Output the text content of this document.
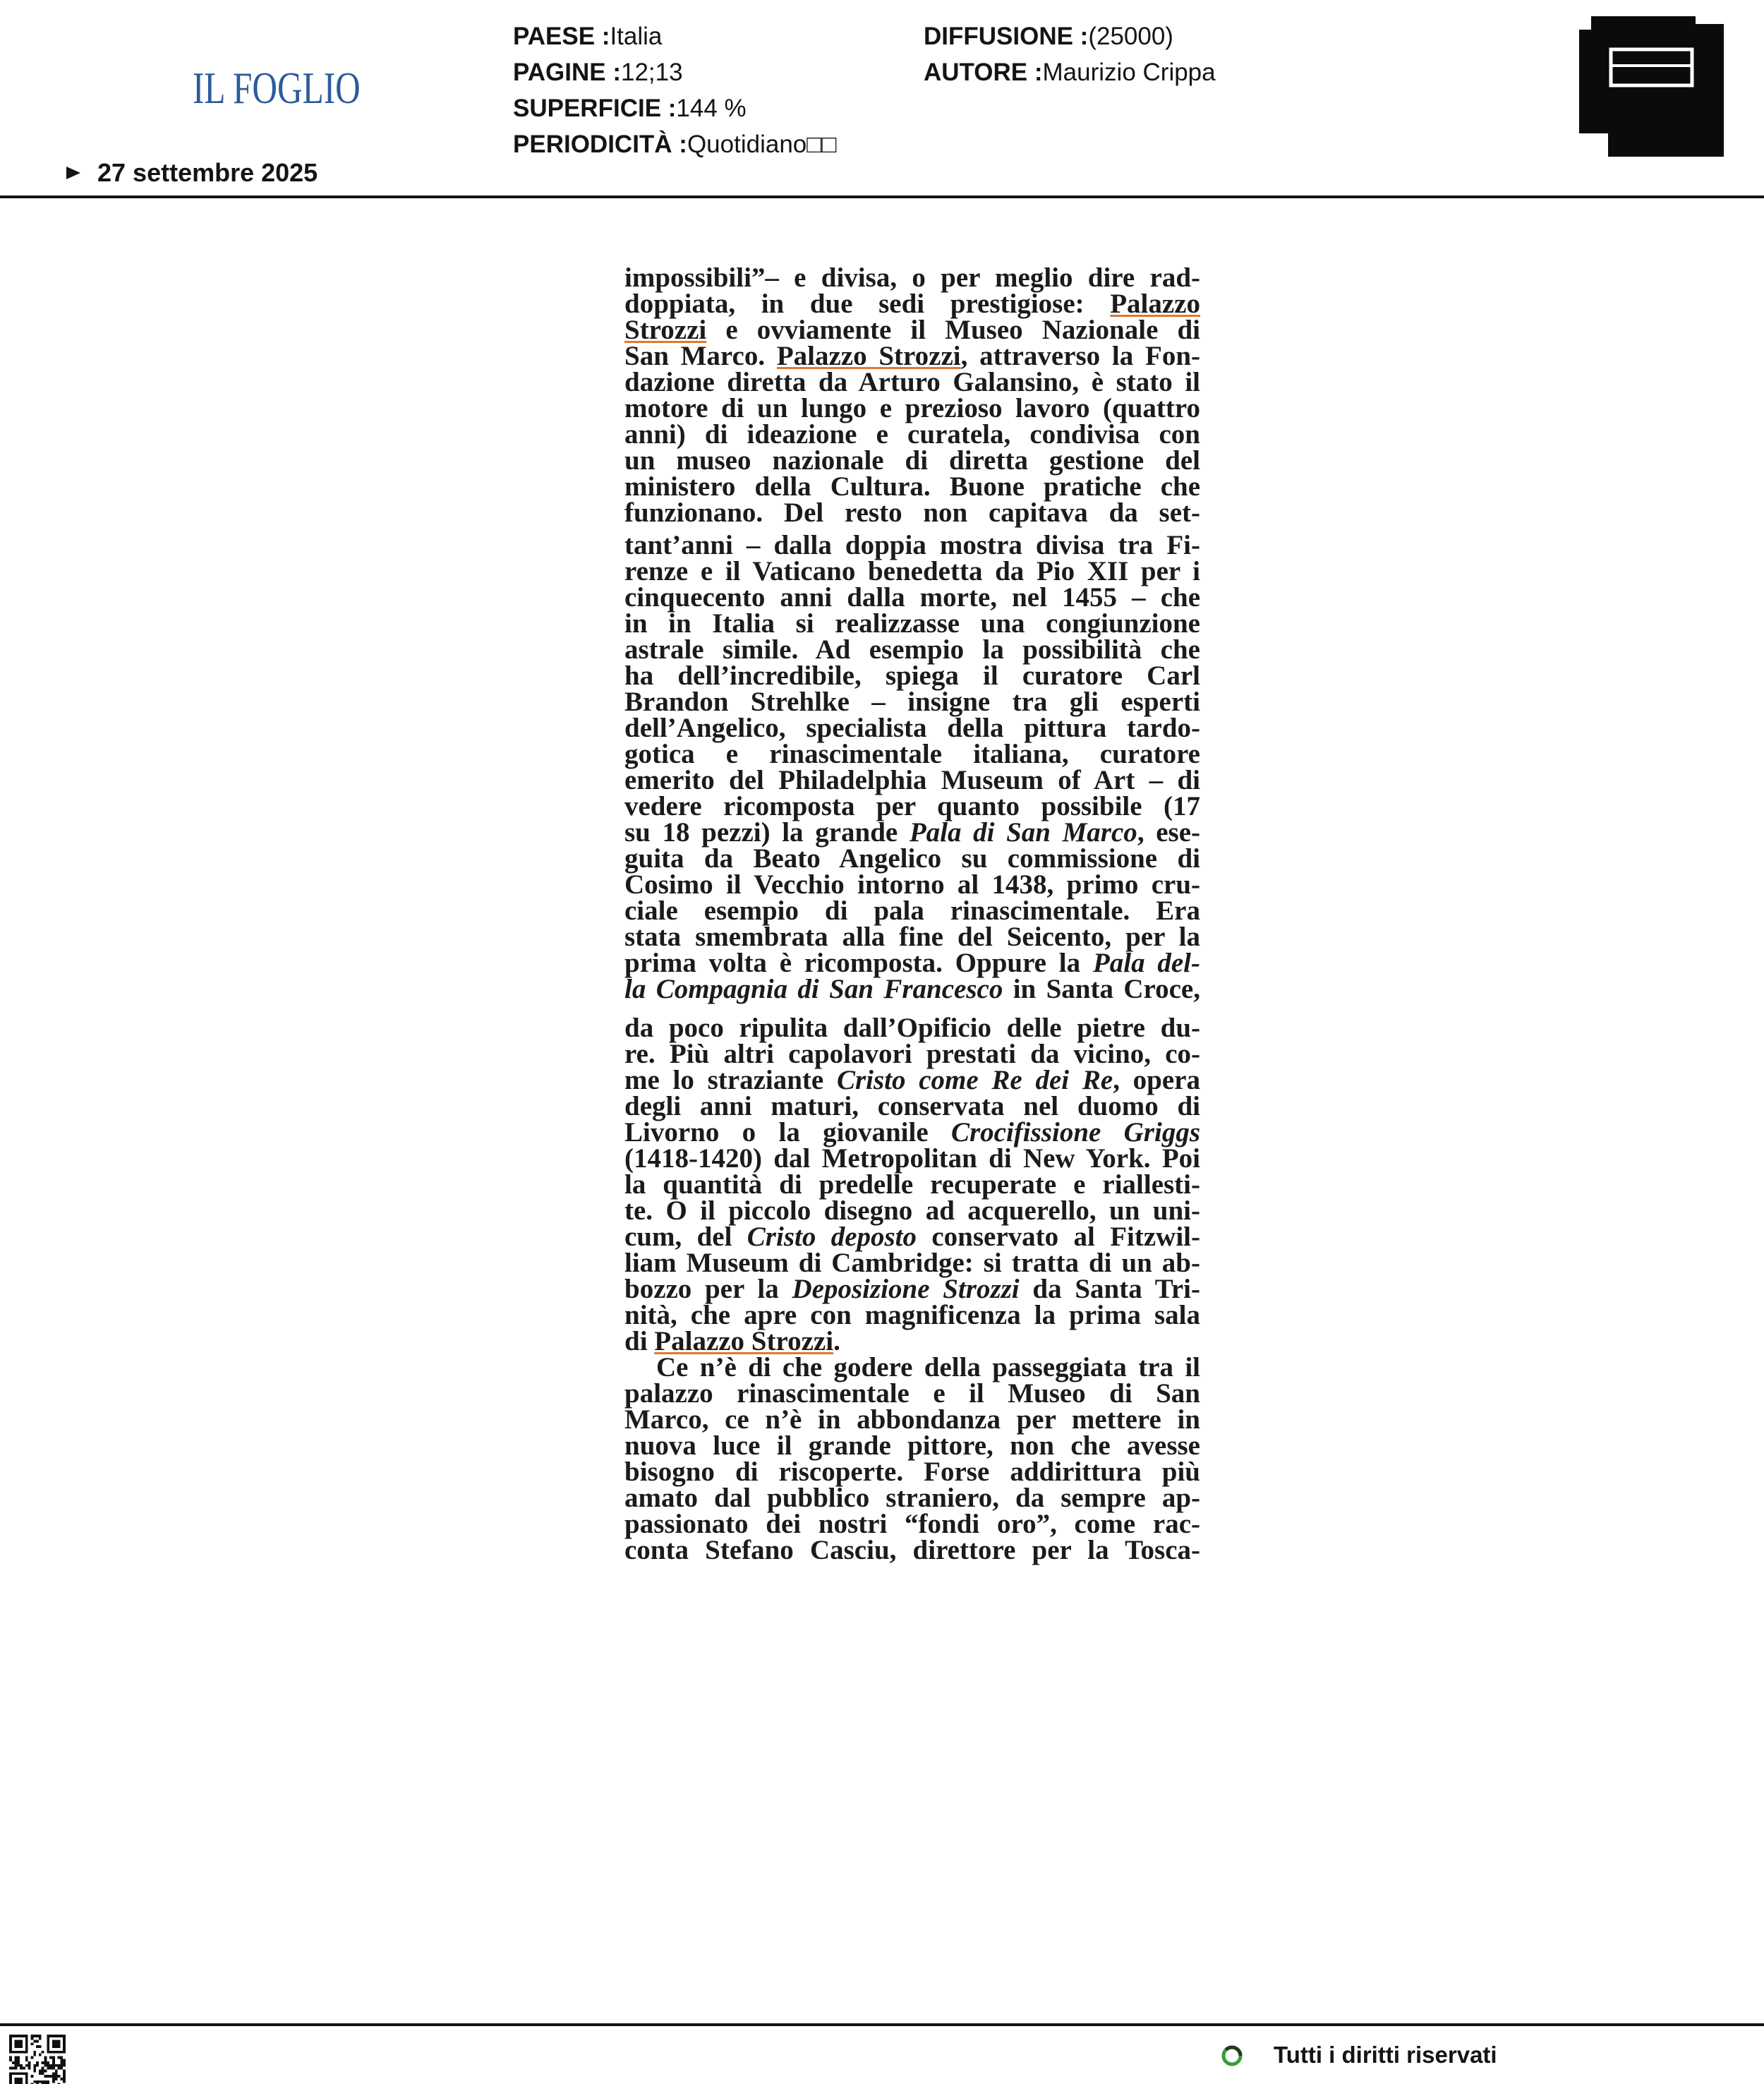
IL FOGLIO
27 settembre 2025
PAESE :Italia
PAGINE :12;13
SUPERFICIE :144 %
PERIODICITÀ :Quotidiano□□
DIFFUSIONE :(25000)
AUTORE :Maurizio Crippa
impossibili”– e divisa, o per meglio dire rad-
doppiata, in due sedi prestigiose: Palazzo
Strozzi e ovviamente il Museo Nazionale di
San Marco. Palazzo Strozzi, attraverso la Fon-
dazione diretta da Arturo Galansino, è stato il
motore di un lungo e prezioso lavoro (quattro
anni) di ideazione e curatela, condivisa con
un museo nazionale di diretta gestione del
ministero della Cultura. Buone pratiche che
funzionano. Del resto non capitava da set-
tant’anni – dalla doppia mostra divisa tra Fi-
renze e il Vaticano benedetta da Pio XII per i
cinquecento anni dalla morte, nel 1455 – che
in in Italia si realizzasse una congiunzione
astrale simile. Ad esempio la possibilità che
ha dell’incredibile, spiega il curatore Carl
Brandon Strehlke – insigne tra gli esperti
dell’Angelico, specialista della pittura tardo-
gotica e rinascimentale italiana, curatore
emerito del Philadelphia Museum of Art – di
vedere ricomposta per quanto possibile (17
su 18 pezzi) la grande Pala di San Marco, ese-
guita da Beato Angelico su commissione di
Cosimo il Vecchio intorno al 1438, primo cru-
ciale esempio di pala rinascimentale. Era
stata smembrata alla fine del Seicento, per la
prima volta è ricomposta. Oppure la Pala del-
la Compagnia di San Francesco in Santa Croce,
da poco ripulita dall’Opificio delle pietre du-
re. Più altri capolavori prestati da vicino, co-
me lo straziante Cristo come Re dei Re, opera
degli anni maturi, conservata nel duomo di
Livorno o la giovanile Crocifissione Griggs
(1418-1420) dal Metropolitan di New York. Poi
la quantità di predelle recuperate e riallesti-
te. O il piccolo disegno ad acquerello, un uni-
cum, del Cristo deposto conservato al Fitzwil-
liam Museum di Cambridge: si tratta di un ab-
bozzo per la Deposizione Strozzi da Santa Tri-
nità, che apre con magnificenza la prima sala
di Palazzo Strozzi.
Ce n’è di che godere della passeggiata tra il
palazzo rinascimentale e il Museo di San
Marco, ce n’è in abbondanza per mettere in
nuova luce il grande pittore, non che avesse
bisogno di riscoperte. Forse addirittura più
amato dal pubblico straniero, da sempre ap-
passionato dei nostri “fondi oro”, come rac-
conta Stefano Casciu, direttore per la Tosca-
Tutti i diritti riservati
